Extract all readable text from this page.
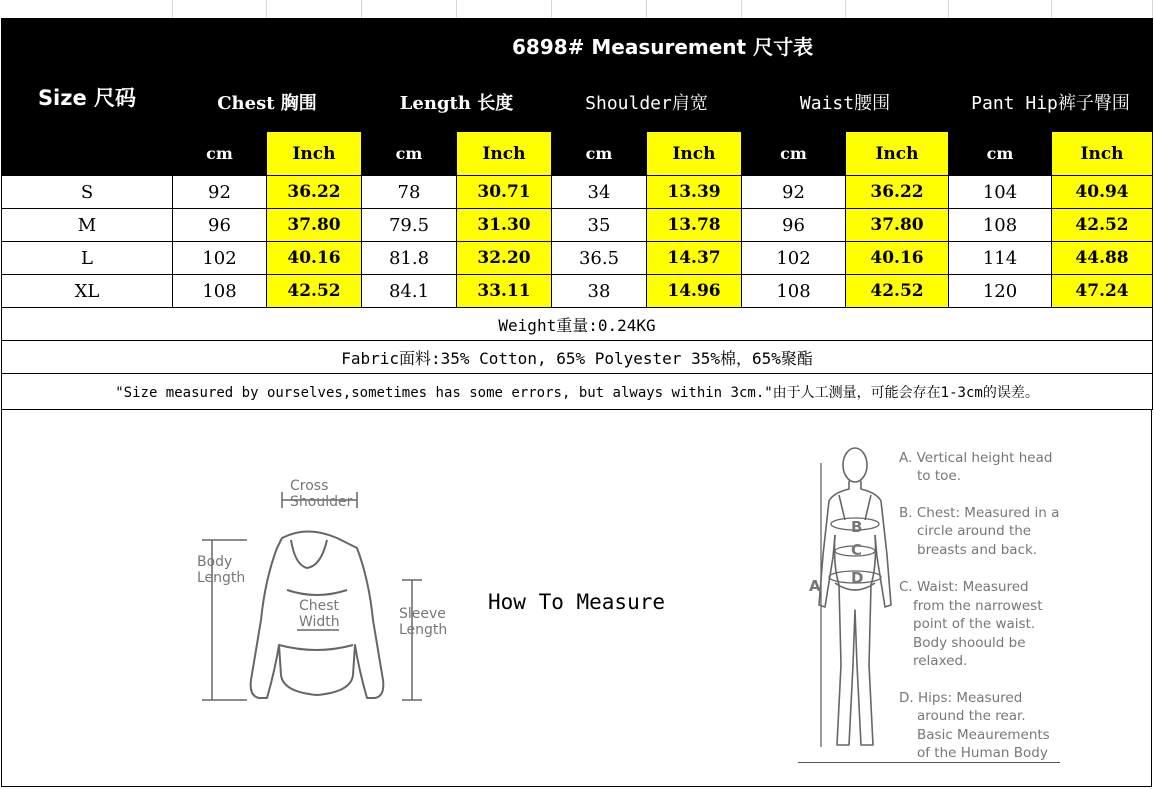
Size 尺码	6898# Measurement 尺寸表									
	Chest 胸围		Length 长度		Shoulder肩宽		Waist腰围		Pant Hip裤子臀围	
	cm	Inch	cm	Inch	cm	Inch	cm	Inch	cm	Inch
S	92	36.22	78	30.71	34	13.39	92	36.22	104	40.94
M	96	37.80	79.5	31.30	35	13.78	96	37.80	108	42.52
L	102	40.16	81.8	32.20	36.5	14.37	102	40.16	114	44.88
XL	108	42.52	84.1	33.11	38	14.96	108	42.52	120	47.24
Weight重量:0.24KG										
Fabric面料:35% Cotton, 65% Polyester 35%棉，65%聚酯										
"Size measured by ourselves,sometimes has some errors, but always within 3cm."由于人工测量，可能会存在1-3cm的误差。										
Cross
Shoulder
Body
Length
Chest
Width	Sleeve
Length
How To Measure
A
B
C
D
A. Vertical height head
to toe.
B. Chest: Measured in a
circle around the
breasts and back.
C. Waist: Measured
from the narrowest
point of the waist.
Body shoould be
relaxed.
D. Hips: Measured
around the rear.
Basic Meaurements
of the Human Body
